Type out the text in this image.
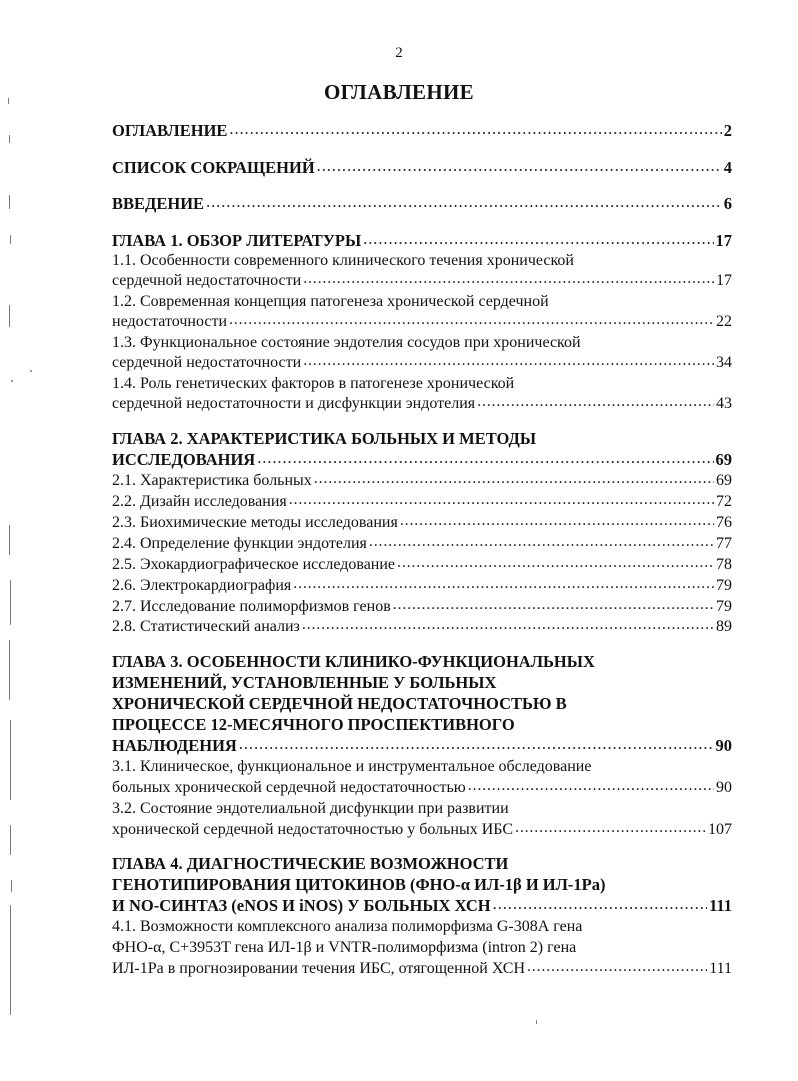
2
ОГЛАВЛЕНИЕ
ОГЛАВЛЕНИЕ . . .	2
СПИСОК СОКРАЩЕНИЙ . . .	4
ВВЕДЕНИЕ . . .	6
ГЛАВА 1. ОБЗОР ЛИТЕРАТУРЫ . . .	17
1.1. Особенности современного клинического течения хронической
сердечной недостаточности . . .	17
1.2. Современная концепция патогенеза хронической сердечной
недостаточности . . .	22
1.3. Функциональное состояние эндотелия сосудов при хронической
сердечной недостаточности . . .	34
1.4. Роль генетических факторов в патогенезе хронической
сердечной недостаточности и дисфункции эндотелия . . .	43
ГЛАВА 2. ХАРАКТЕРИСТИКА БОЛЬНЫХ И МЕТОДЫ
ИССЛЕДОВАНИЯ . . .	69
2.1. Характеристика больных . . .	69
2.2. Дизайн исследования . . .	72
2.3. Биохимические методы исследования . . .	76
2.4. Определение функции эндотелия . . .	77
2.5. Эхокардиографическое исследование . . .	78
2.6. Электрокардиография . . .	79
2.7. Исследование полиморфизмов генов . . .	79
2.8. Статистический анализ . . .	89
ГЛАВА 3. ОСОБЕННОСТИ КЛИНИКО-ФУНКЦИОНАЛЬНЫХ
ИЗМЕНЕНИЙ, УСТАНОВЛЕННЫЕ У БОЛЬНЫХ
ХРОНИЧЕСКОЙ СЕРДЕЧНОЙ НЕДОСТАТОЧНОСТЬЮ В
ПРОЦЕССЕ 12-МЕСЯЧНОГО ПРОСПЕКТИВНОГО
НАБЛЮДЕНИЯ . . .	90
3.1. Клиническое, функциональное и инструментальное обследование
больных хронической сердечной недостаточностью . . .	90
3.2. Состояние эндотелиальной дисфункции при развитии
хронической сердечной недостаточностью у больных ИБС . . .	107
ГЛАВА 4. ДИАГНОСТИЧЕСКИЕ ВОЗМОЖНОСТИ
ГЕНОТИПИРОВАНИЯ ЦИТОКИНОВ (ФНО-α ИЛ-1β И ИЛ-1Ра)
И NO-СИНТАЗ (eNOS И iNOS) У БОЛЬНЫХ ХСН . . .	111
4.1. Возможности комплексного анализа полиморфизма G-308А гена
ФНО-α, C+3953T гена ИЛ-1β и VNTR-полиморфизма (intron 2) гена
ИЛ-1Ра в прогнозировании течения ИБС, отягощенной ХСН . . .	111
